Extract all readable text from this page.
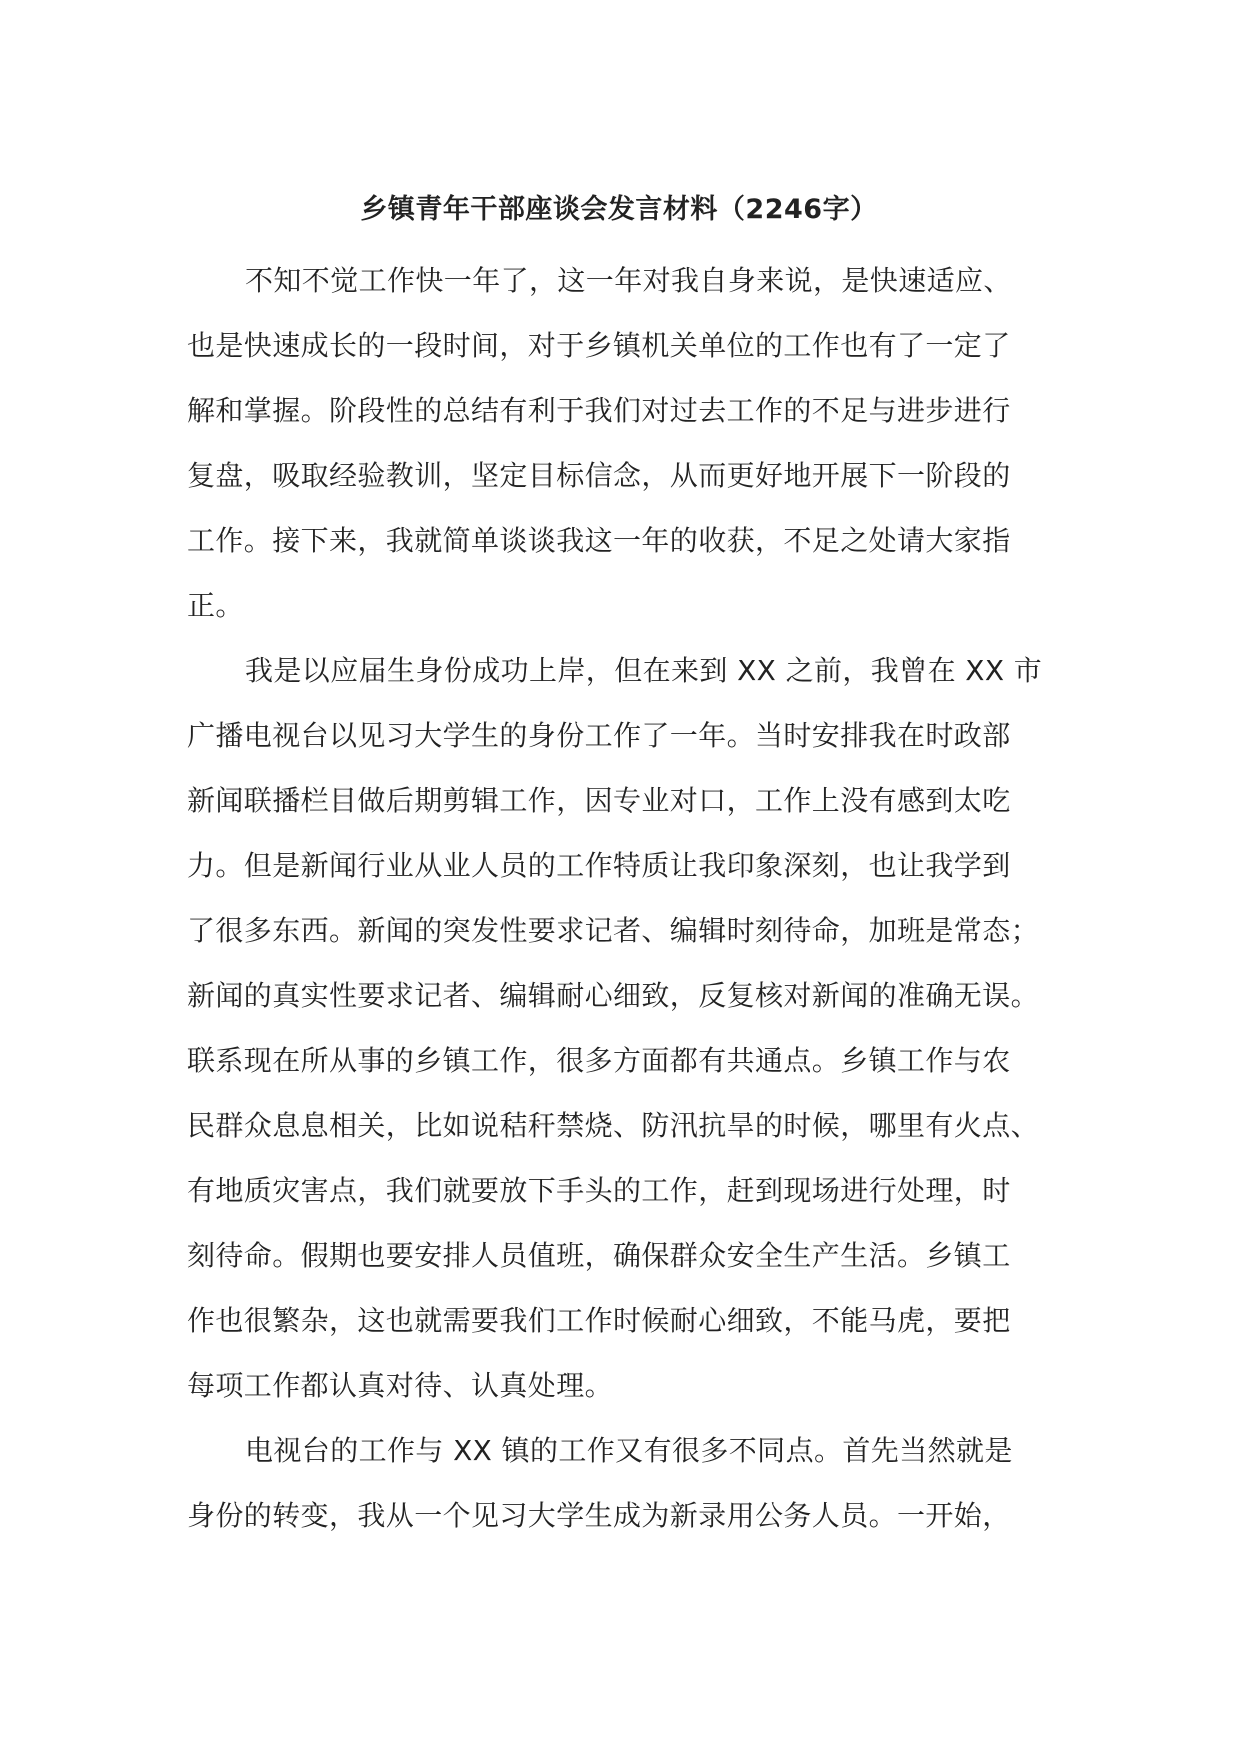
乡镇青年干部座谈会发言材料（2246字）
不知不觉工作快一年了，这一年对我自身来说，是快速适应、
也是快速成长的一段时间，对于乡镇机关单位的工作也有了一定了
解和掌握。阶段性的总结有利于我们对过去工作的不足与进步进行
复盘，吸取经验教训，坚定目标信念，从而更好地开展下一阶段的
工作。接下来，我就简单谈谈我这一年的收获，不足之处请大家指
正。
我是以应届生身份成功上岸，但在来到 XX 之前，我曾在 XX 市
广播电视台以见习大学生的身份工作了一年。当时安排我在时政部
新闻联播栏目做后期剪辑工作，因专业对口，工作上没有感到太吃
力。但是新闻行业从业人员的工作特质让我印象深刻，也让我学到
了很多东西。新闻的突发性要求记者、编辑时刻待命，加班是常态；
新闻的真实性要求记者、编辑耐心细致，反复核对新闻的准确无误。
联系现在所从事的乡镇工作，很多方面都有共通点。乡镇工作与农
民群众息息相关，比如说秸秆禁烧、防汛抗旱的时候，哪里有火点、
有地质灾害点，我们就要放下手头的工作，赶到现场进行处理，时
刻待命。假期也要安排人员值班，确保群众安全生产生活。乡镇工
作也很繁杂，这也就需要我们工作时候耐心细致，不能马虎，要把
每项工作都认真对待、认真处理。
电视台的工作与 XX 镇的工作又有很多不同点。首先当然就是
身份的转变，我从一个见习大学生成为新录用公务人员。一开始，
